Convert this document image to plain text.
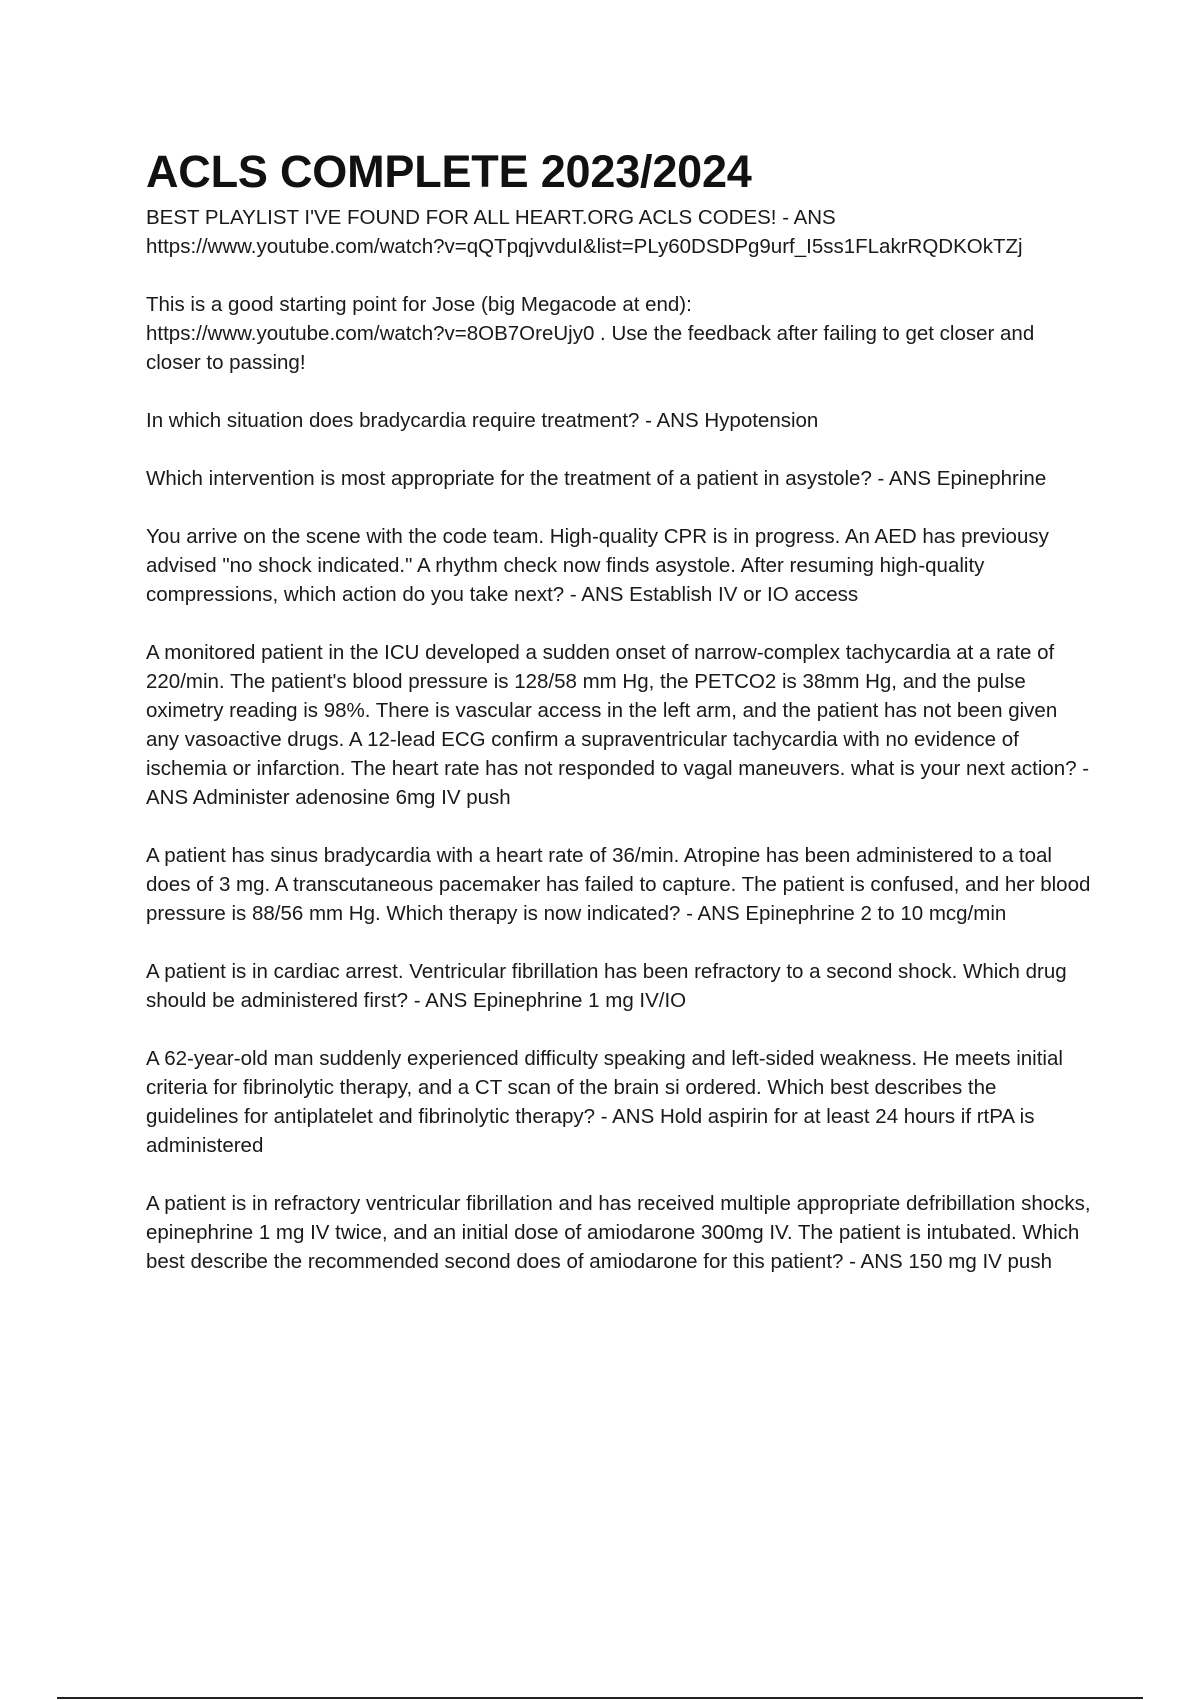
ACLS COMPLETE 2023/2024

BEST PLAYLIST I'VE FOUND FOR ALL HEART.ORG ACLS CODES! - ANS
https://www.youtube.com/watch?v=qQTpqjvvduI&list=PLy60DSDPg9urf_I5ss1FLakrRQDKOkTZj

This is a good starting point for Jose (big Megacode at end):
https://www.youtube.com/watch?v=8OB7OreUjy0 . Use the feedback after failing to get closer and closer to passing!

In which situation does bradycardia require treatment? - ANS Hypotension

Which intervention is most appropriate for the treatment of a patient in asystole? - ANS Epinephrine

You arrive on the scene with the code team. High-quality CPR is in progress. An AED has previousy advised "no shock indicated." A rhythm check now finds asystole. After resuming high-quality compressions, which action do you take next? - ANS Establish IV or IO access

A monitored patient in the ICU developed a sudden onset of narrow-complex tachycardia at a rate of 220/min. The patient's blood pressure is 128/58 mm Hg, the PETCO2 is 38mm Hg, and the pulse oximetry reading is 98%. There is vascular access in the left arm, and the patient has not been given any vasoactive drugs. A 12-lead ECG confirm a supraventricular tachycardia with no evidence of ischemia or infarction. The heart rate has not responded to vagal maneuvers. what is your next action? - ANS Administer adenosine 6mg IV push

A patient has sinus bradycardia with a heart rate of 36/min. Atropine has been administered to a toal does of 3 mg. A transcutaneous pacemaker has failed to capture. The patient is confused, and her blood pressure is 88/56 mm Hg. Which therapy is now indicated? - ANS Epinephrine 2 to 10 mcg/min

A patient is in cardiac arrest. Ventricular fibrillation has been refractory to a second shock. Which drug should be administered first? - ANS Epinephrine 1 mg IV/IO

A 62-year-old man suddenly experienced difficulty speaking and left-sided weakness. He meets initial criteria for fibrinolytic therapy, and a CT scan of the brain si ordered. Which best describes the guidelines for antiplatelet and fibrinolytic therapy? - ANS Hold aspirin for at least 24 hours if rtPA is administered

A patient is in refractory ventricular fibrillation and has received multiple appropriate defribillation shocks, epinephrine 1 mg IV twice, and an initial dose of amiodarone 300mg IV. The patient is intubated. Which best describe the recommended second does of amiodarone for this patient? - ANS 150 mg IV push
